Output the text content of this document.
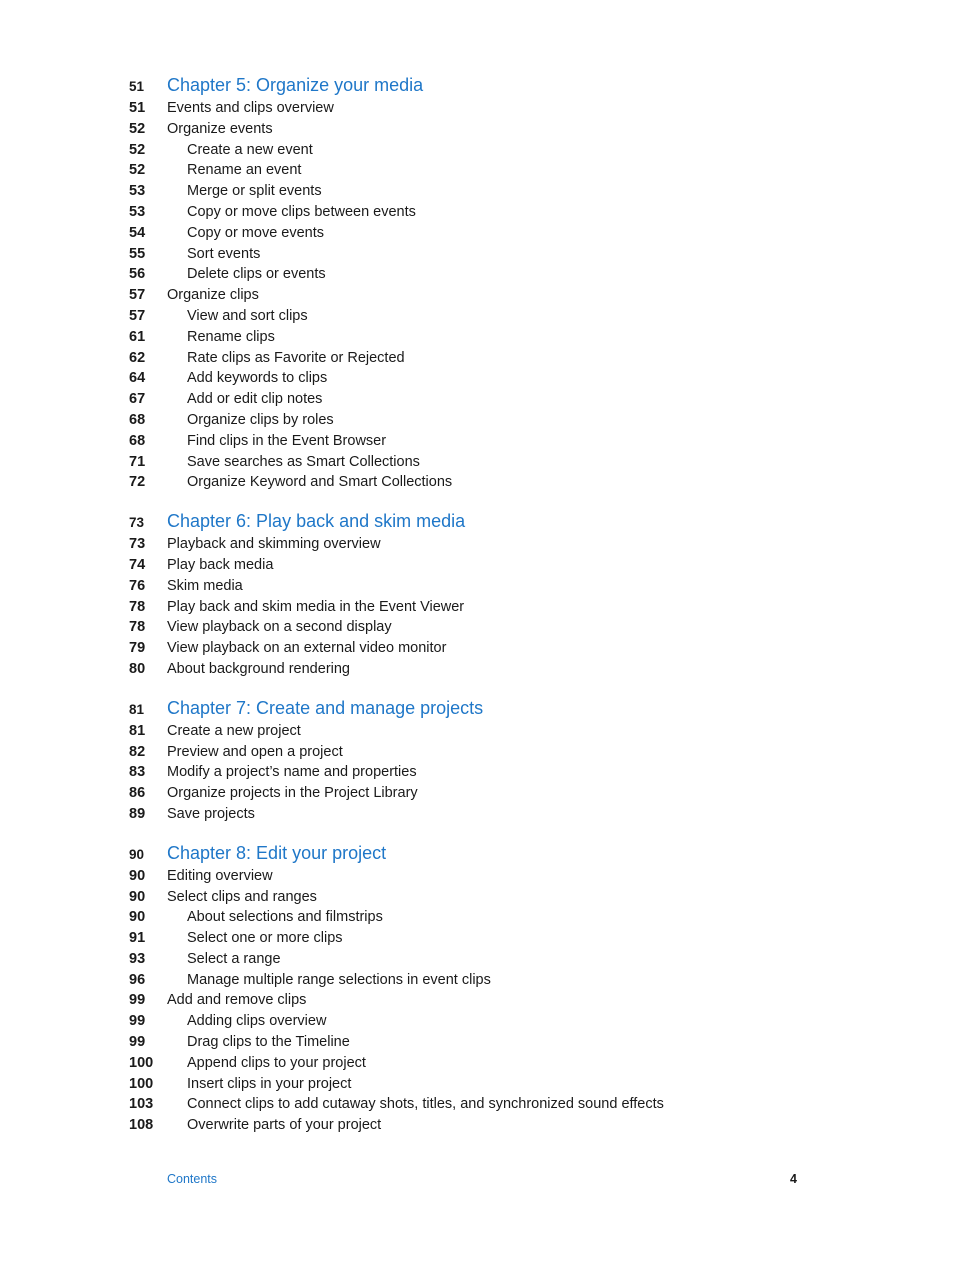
51 Chapter 5: Organize your media
51 Events and clips overview
52 Organize events
52	Create a new event
52	Rename an event
53	Merge or split events
53	Copy or move clips between events
54	Copy or move events
55	Sort events
56	Delete clips or events
57 Organize clips
57	View and sort clips
61	Rename clips
62	Rate clips as Favorite or Rejected
64	Add keywords to clips
67	Add or edit clip notes
68	Organize clips by roles
68	Find clips in the Event Browser
71	Save searches as Smart Collections
72	Organize Keyword and Smart Collections
73 Chapter 6: Play back and skim media
73 Playback and skimming overview
74 Play back media
76 Skim media
78 Play back and skim media in the Event Viewer
78 View playback on a second display
79 View playback on an external video monitor
80 About background rendering
81 Chapter 7: Create and manage projects
81 Create a new project
82 Preview and open a project
83 Modify a project’s name and properties
86 Organize projects in the Project Library
89 Save projects
90 Chapter 8: Edit your project
90 Editing overview
90 Select clips and ranges
90	About selections and filmstrips
91	Select one or more clips
93	Select a range
96	Manage multiple range selections in event clips
99 Add and remove clips
99	Adding clips overview
99	Drag clips to the Timeline
100 Append clips to your project
100 Insert clips in your project
103 Connect clips to add cutaway shots, titles, and synchronized sound effects
108 Overwrite parts of your project
Contents	4
